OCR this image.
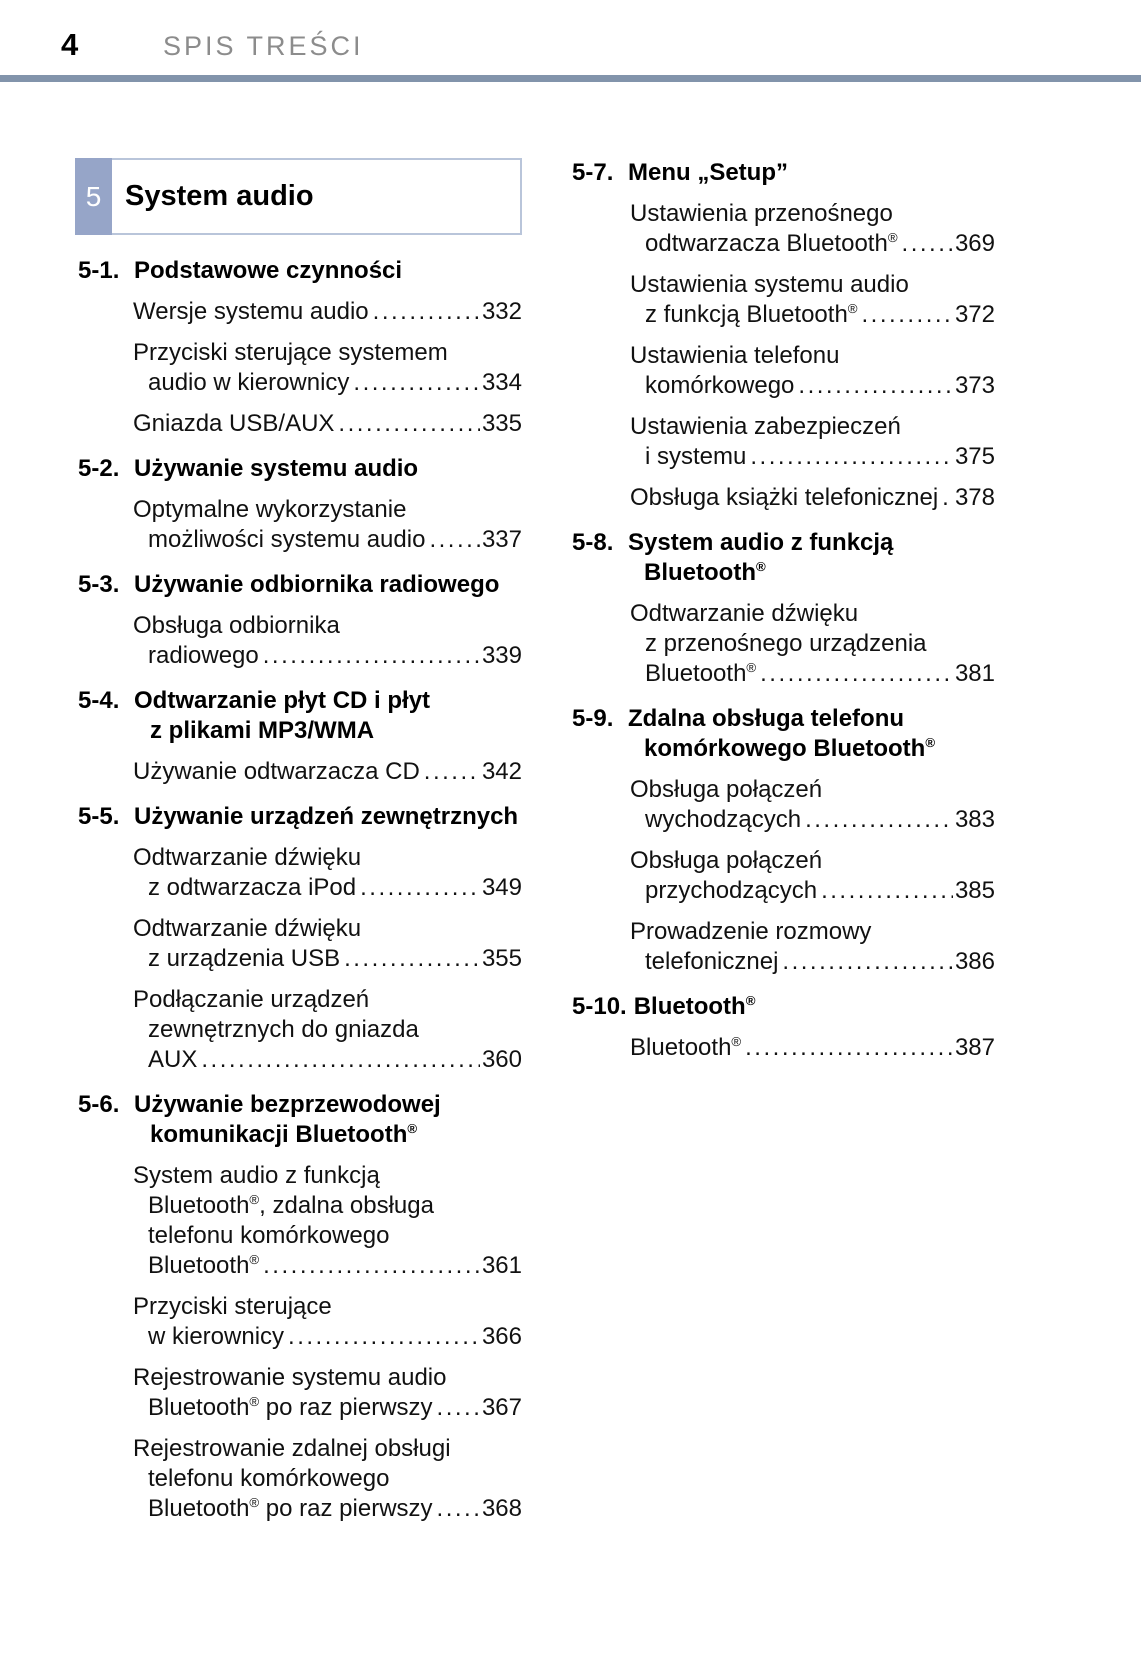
4	SPIS TREŚCI
5 System audio
5-1. Podstawowe czynności
Wersje systemu audio .....	332
Przyciski sterujące systemem
audio w kierownicy .....	334
Gniazda USB/AUX .....	335
5-2. Używanie systemu audio
Optymalne wykorzystanie
możliwości systemu audio ..... 337
5-3. Używanie odbiornika radiowego
Obsługa odbiornika
radiowego .....	339
5-4. Odtwarzanie płyt CD i płyt
z plikami MP3/WMA
Używanie odtwarzacza CD .....	342
5-5. Używanie urządzeń zewnętrznych
Odtwarzanie dźwięku
z odtwarzacza iPod .....	349
Odtwarzanie dźwięku
z urządzenia USB .....	355
Podłączanie urządzeń
zewnętrznych do gniazda
AUX .....	360
5-6. Używanie bezprzewodowej
komunikacji Bluetooth®
System audio z funkcją
Bluetooth®, zdalna obsługa
telefonu komórkowego
Bluetooth® .....	361
Przyciski sterujące
w kierownicy .....	366
Rejestrowanie systemu audio
Bluetooth® po raz pierwszy ..... 367
Rejestrowanie zdalnej obsługi
telefonu komórkowego
Bluetooth® po raz pierwszy ..... 368
5-7. Menu „Setup”
Ustawienia przenośnego
odtwarzacza Bluetooth® ..... 369
Ustawienia systemu audio
z funkcją Bluetooth® .....	372
Ustawienia telefonu
komórkowego .....	373
Ustawienia zabezpieczeń
i systemu .....	375
Obsługa książki telefonicznej ..... 378
5-8. System audio z funkcją
Bluetooth®
Odtwarzanie dźwięku
z przenośnego urządzenia
Bluetooth® .....	381
5-9. Zdalna obsługa telefonu
komórkowego Bluetooth®
Obsługa połączeń
wychodzących .....	383
Obsługa połączeń
przychodzących .....	385
Prowadzenie rozmowy
telefonicznej .....	386
5-10. Bluetooth®
Bluetooth® .....	387
